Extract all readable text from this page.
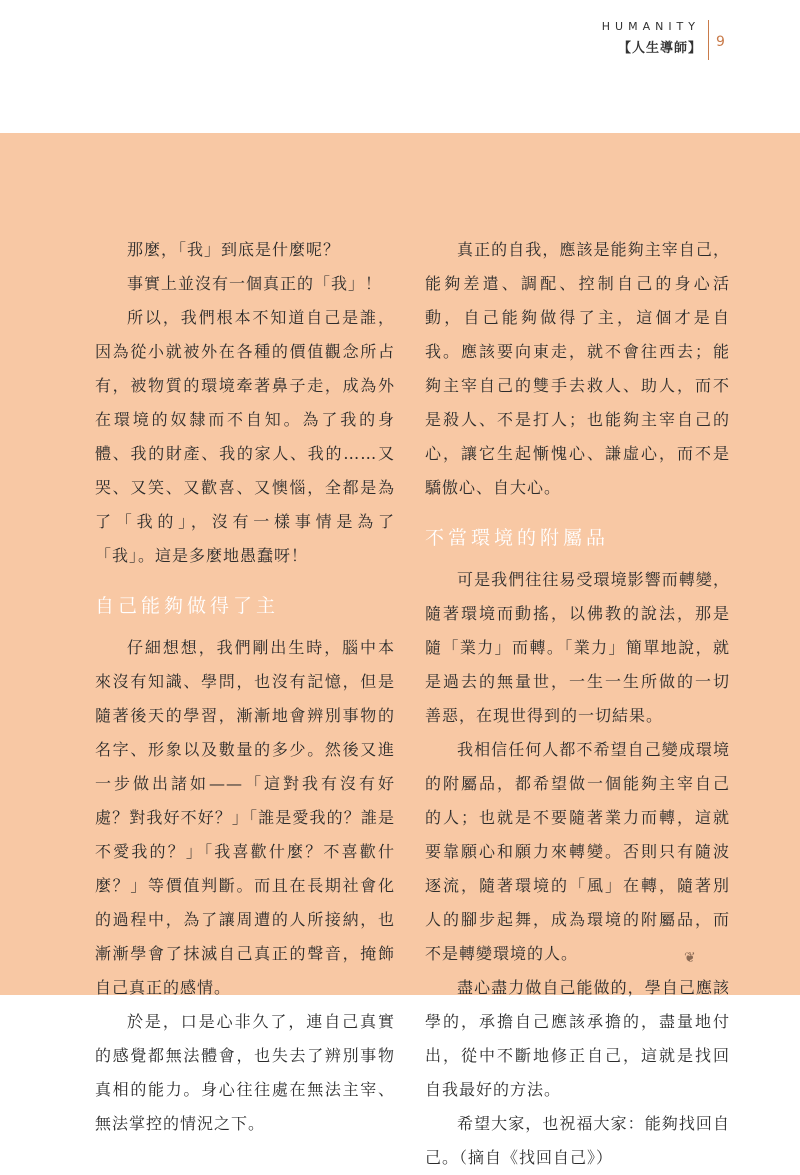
HUMANITY
【人生導師】 9

那麼，「我」到底是什麼呢？

事實上並沒有一個真正的「我」！

所以，我們根本不知道自己是誰，因為從小就被外在各種的價值觀念所占有，被物質的環境牽著鼻子走，成為外在環境的奴隸而不自知。為了我的身體、我的財產、我的家人、我的……又哭、又笑、又歡喜、又懊惱，全都是為了「我的」，沒有一樣事情是為了「我」。這是多麼地愚蠢呀！

自己能夠做得了主

仔細想想，我們剛出生時，腦中本來沒有知識、學問，也沒有記憶，但是隨著後天的學習，漸漸地會辨別事物的名字、形象以及數量的多少。然後又進一步做出諸如——「這對我有沒有好處？對我好不好？」「誰是愛我的？誰是不愛我的？」「我喜歡什麼？不喜歡什麼？」等價值判斷。而且在長期社會化的過程中，為了讓周遭的人所接納，也漸漸學會了抹滅自己真正的聲音，掩飾自己真正的感情。

於是，口是心非久了，連自己真實的感覺都無法體會，也失去了辨別事物真相的能力。身心往往處在無法主宰、無法掌控的情況之下。

真正的自我，應該是能夠主宰自己，能夠差遣、調配、控制自己的身心活動，自己能夠做得了主，這個才是自我。應該要向東走，就不會往西去；能夠主宰自己的雙手去救人、助人，而不是殺人、不是打人；也能夠主宰自己的心，讓它生起慚愧心、謙虛心，而不是驕傲心、自大心。

不當環境的附屬品

可是我們往往易受環境影響而轉變，隨著環境而動搖，以佛教的說法，那是隨「業力」而轉。「業力」簡單地說，就是過去的無量世，一生一生所做的一切善惡，在現世得到的一切結果。

我相信任何人都不希望自己變成環境的附屬品，都希望做一個能夠主宰自己的人；也就是不要隨著業力而轉，這就要靠願心和願力來轉變。否則只有隨波逐流，隨著環境的「風」在轉，隨著別人的腳步起舞，成為環境的附屬品，而不是轉變環境的人。

盡心盡力做自己能做的，學自己應該學的，承擔自己應該承擔的，盡量地付出，從中不斷地修正自己，這就是找回自我最好的方法。

希望大家，也祝福大家：能夠找回自己。（摘自《找回自己》）

❦
